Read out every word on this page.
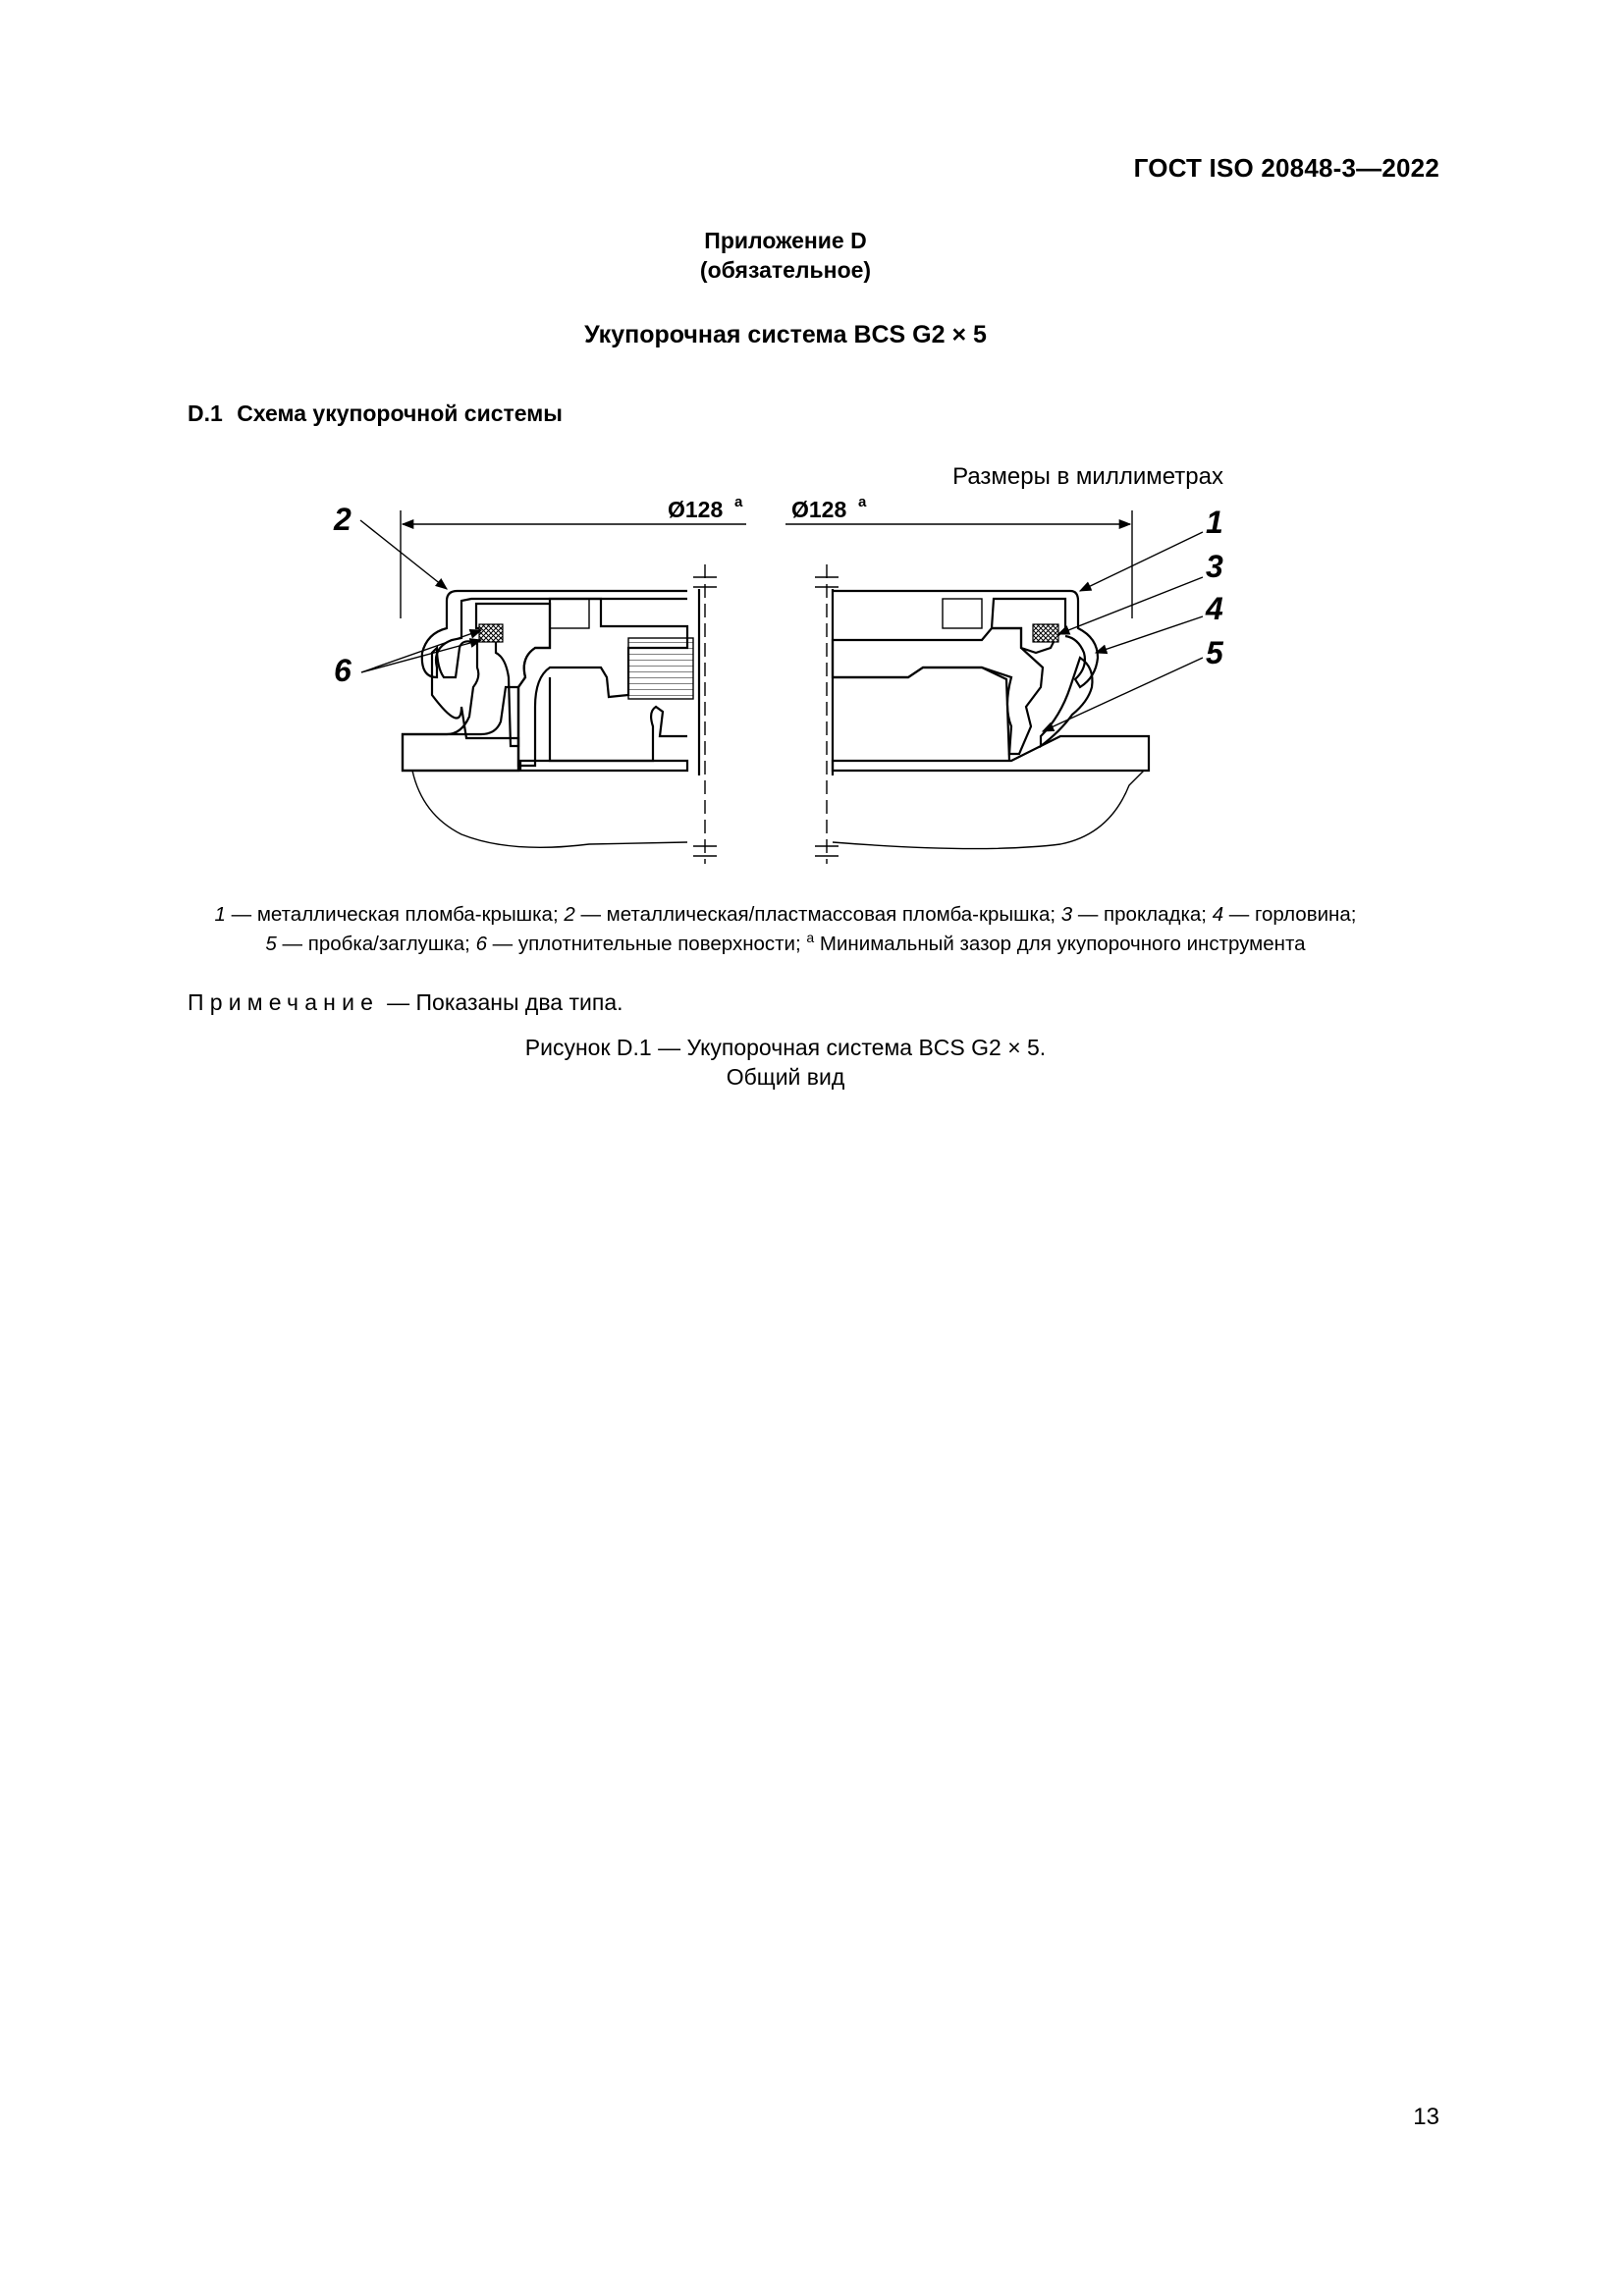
ГОСТ ISO 20848-3—2022
Приложение D
(обязательное)
Укупорочная система BCS G2 × 5
D.1 Схема укупорочной системы
Размеры в миллиметрах
Ø128 a Ø128 a
2
6
1
3
4
5
1 — металлическая пломба-крышка; 2 — металлическая/пластмассовая пломба-крышка; 3 — прокладка; 4 — горловина;
5 — пробка/заглушка; 6 — уплотнительные поверхности; $^a$ Минимальный зазор для укупорочного инструмента
Примечание — Показаны два типа.
Рисунок D.1 — Укупорочная система BCS G2 × 5.
Общий вид
13
